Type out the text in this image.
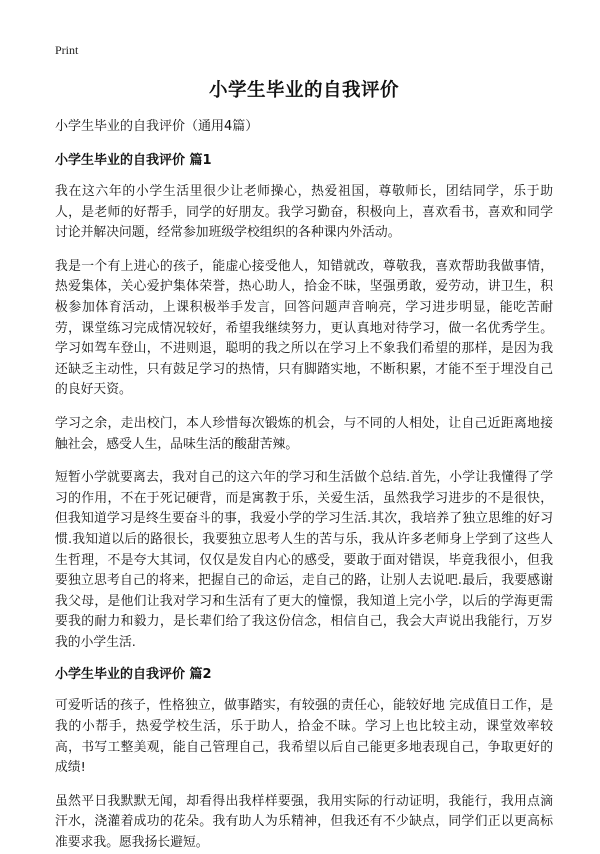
Print
小学生毕业的自我评价
小学生毕业的自我评价（通用4篇）
小学生毕业的自我评价 篇1

我在这六年的小学生活里很少让老师操心，热爱祖国，尊敬师长，团结同学，乐于助人，是老师的好帮手，同学的好朋友。我学习勤奋，积极向上，喜欢看书，喜欢和同学讨论并解决问题，经常参加班级学校组织的各种课内外活动。

我是一个有上进心的孩子，能虚心接受他人，知错就改，尊敬我，喜欢帮助我做事情，热爱集体，关心爱护集体荣誉，热心助人，拾金不昧，坚强勇敢，爱劳动，讲卫生，积极参加体育活动，上课积极举手发言，回答问题声音响亮，学习进步明显，能吃苦耐劳，课堂练习完成情况较好，希望我继续努力，更认真地对待学习，做一名优秀学生。学习如驾车登山，不进则退，聪明的我之所以在学习上不象我们希望的那样，是因为我还缺乏主动性，只有鼓足学习的热情，只有脚踏实地，不断积累，才能不至于埋没自己的良好天资。

学习之余，走出校门，本人珍惜每次锻炼的机会，与不同的人相处，让自己近距离地接触社会，感受人生，品味生活的酸甜苦辣。

短暂小学就要离去，我对自己的这六年的学习和生活做个总结.首先，小学让我懂得了学习的作用，不在于死记硬背，而是寓教于乐，关爱生活，虽然我学习进步的不是很快，但我知道学习是终生要奋斗的事，我爱小学的学习生活.其次，我培养了独立思维的好习惯.我知道以后的路很长，我要独立思考人生的苦与乐，我从许多老师身上学到了这些人生哲理，不是夸大其词，仅仅是发自内心的感受，要敢于面对错误，毕竟我很小，但我要独立思考自己的将来，把握自己的命运，走自己的路，让别人去说吧.最后，我要感谢我父母，是他们让我对学习和生活有了更大的憧憬，我知道上完小学，以后的学海更需要我的耐力和毅力，是长辈们给了我这份信念，相信自己，我会大声说出我能行，万岁我的小学生活.

小学生毕业的自我评价 篇2

可爱听话的孩子，性格独立，做事踏实，有较强的责任心，能较好地 完成值日工作，是我的小帮手，热爱学校生活，乐于助人，拾金不昧。学习上也比较主动，课堂效率较高，书写工整美观，能自己管理自己，我希望以后自己能更多地表现自己，争取更好的成绩!

虽然平日我默默无闻，却看得出我样样要强，我用实际的行动证明，我能行，我用点滴汗水，浇灌着成功的花朵。我有助人为乐精神，但我还有不少缺点，同学们正以更高标准要求我。愿我扬长避短。
